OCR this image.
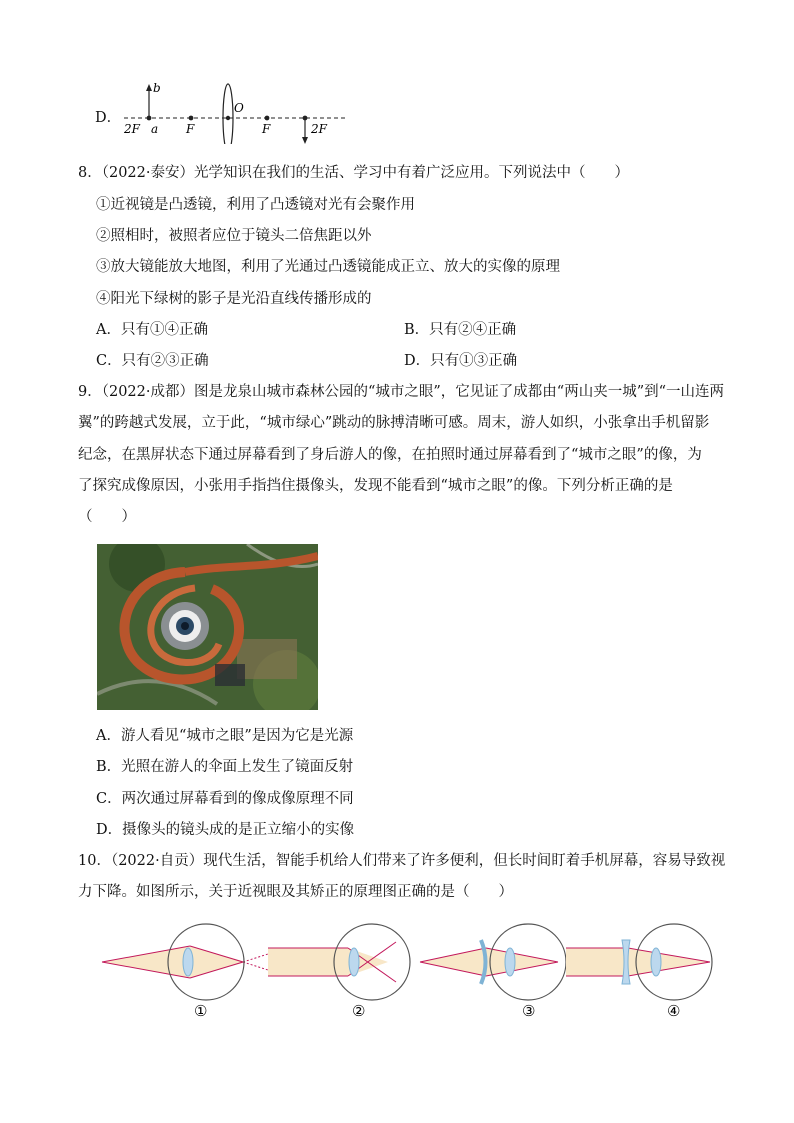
D．
b
2F a F
O
F	2F
8．（2022·泰安）光学知识在我们的生活、学习中有着广泛应用。下列说法中（　　）
①近视镜是凸透镜，利用了凸透镜对光有会聚作用
②照相时，被照者应位于镜头二倍焦距以外
③放大镜能放大地图，利用了光通过凸透镜能成正立、放大的实像的原理
④阳光下绿树的影子是光沿直线传播形成的
A．只有①④正确	B．只有②④正确
C．只有②③正确	D．只有①③正确
9．（2022·成都）图是龙泉山城市森林公园的“城市之眼”，它见证了成都由“两山夹一城”到“一山连两
翼”的跨越式发展，立于此，“城市绿心”跳动的脉搏清晰可感。周末，游人如织，小张拿出手机留影
纪念，在黑屏状态下通过屏幕看到了身后游人的像，在拍照时通过屏幕看到了“城市之眼”的像，为
了探究成像原因，小张用手指挡住摄像头，发现不能看到“城市之眼”的像。下列分析正确的是
（　　）
A．游人看见“城市之眼”是因为它是光源
B．光照在游人的伞面上发生了镜面反射
C．两次通过屏幕看到的像成像原理不同
D．摄像头的镜头成的是正立缩小的实像
10．（2022·自贡）现代生活，智能手机给人们带来了许多便利，但长时间盯着手机屏幕，容易导致视
力下降。如图所示，关于近视眼及其矫正的原理图正确的是（　　）
①	②	③	④
